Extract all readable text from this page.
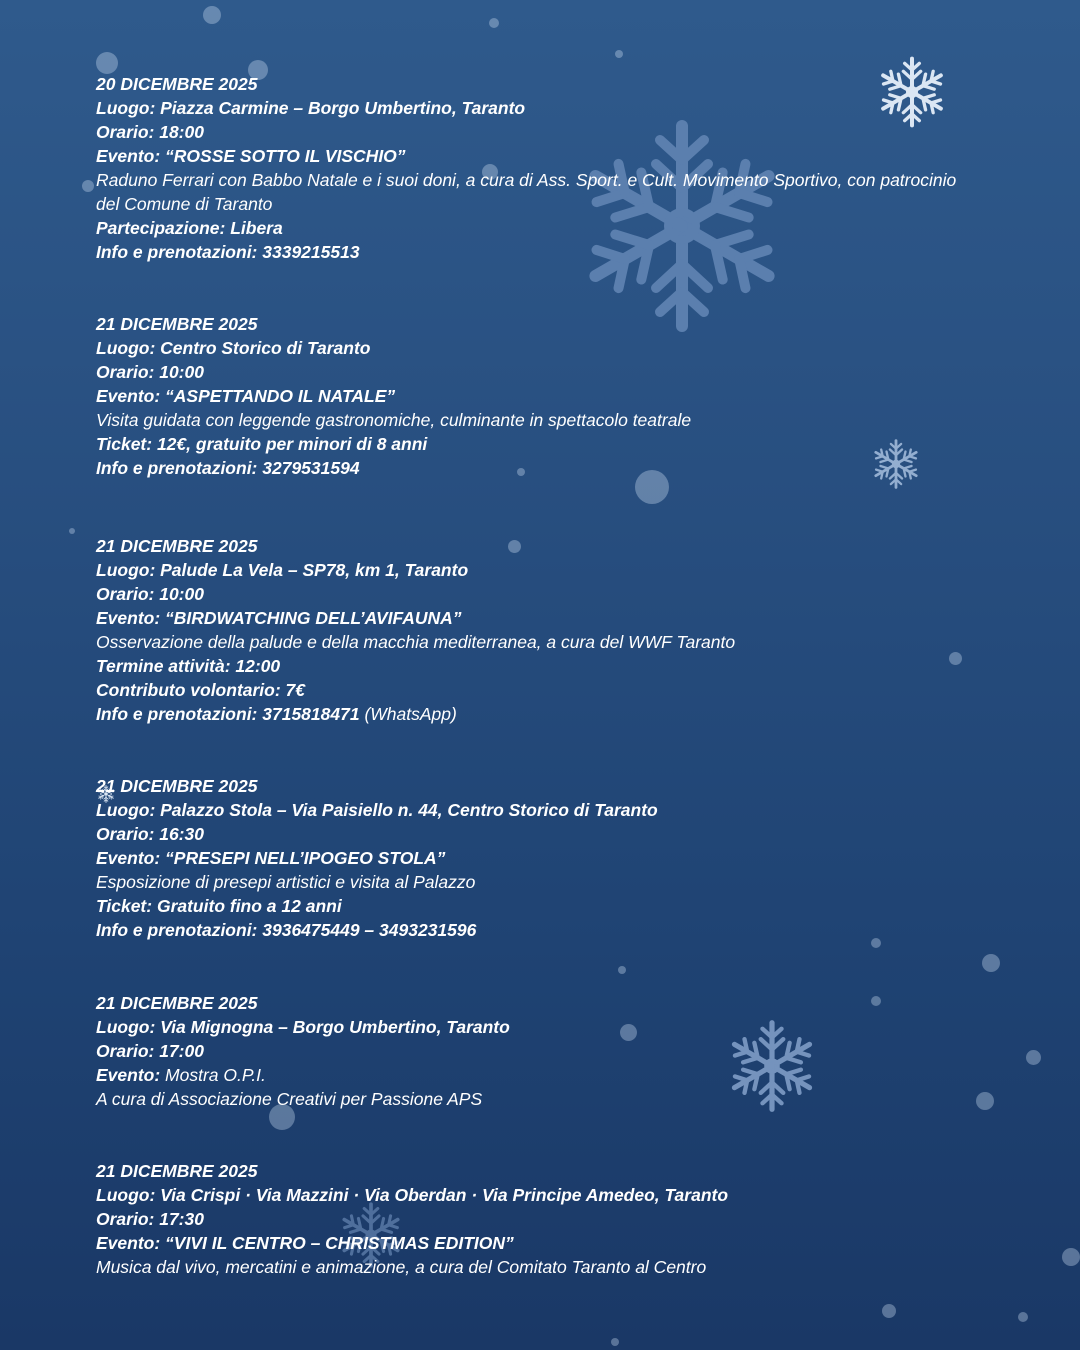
20 DICEMBRE 2025
Luogo: Piazza Carmine – Borgo Umbertino, Taranto
Orario: 18:00
Evento: “ROSSE SOTTO IL VISCHIO”
Raduno Ferrari con Babbo Natale e i suoi doni, a cura di Ass. Sport. e Cult. Movimento Sportivo, con patrocinio del Comune di Taranto
Partecipazione: Libera
Info e prenotazioni: 3339215513
21 DICEMBRE 2025
Luogo: Centro Storico di Taranto
Orario: 10:00
Evento: “ASPETTANDO IL NATALE”
Visita guidata con leggende gastronomiche, culminante in spettacolo teatrale
Ticket: 12€, gratuito per minori di 8 anni
Info e prenotazioni: 3279531594
21 DICEMBRE 2025
Luogo: Palude La Vela – SP78, km 1, Taranto
Orario: 10:00
Evento: “BIRDWATCHING DELL’AVIFAUNA”
Osservazione della palude e della macchia mediterranea, a cura del WWF Taranto
Termine attività: 12:00
Contributo volontario: 7€
Info e prenotazioni: 3715818471 (WhatsApp)
21 DICEMBRE 2025
Luogo: Palazzo Stola – Via Paisiello n. 44, Centro Storico di Taranto
Orario: 16:30
Evento: “PRESEPI NELL’IPOGEO STOLA”
Esposizione di presepi artistici e visita al Palazzo
Ticket: Gratuito fino a 12 anni
Info e prenotazioni: 3936475449 – 3493231596
21 DICEMBRE 2025
Luogo: Via Mignogna – Borgo Umbertino, Taranto
Orario: 17:00
Evento: Mostra O.P.I.
A cura di Associazione Creativi per Passione APS
21 DICEMBRE 2025
Luogo: Via Crispi · Via Mazzini · Via Oberdan · Via Principe Amedeo, Taranto
Orario: 17:30
Evento: “VIVI IL CENTRO – CHRISTMAS EDITION”
Musica dal vivo, mercatini e animazione, a cura del Comitato Taranto al Centro
